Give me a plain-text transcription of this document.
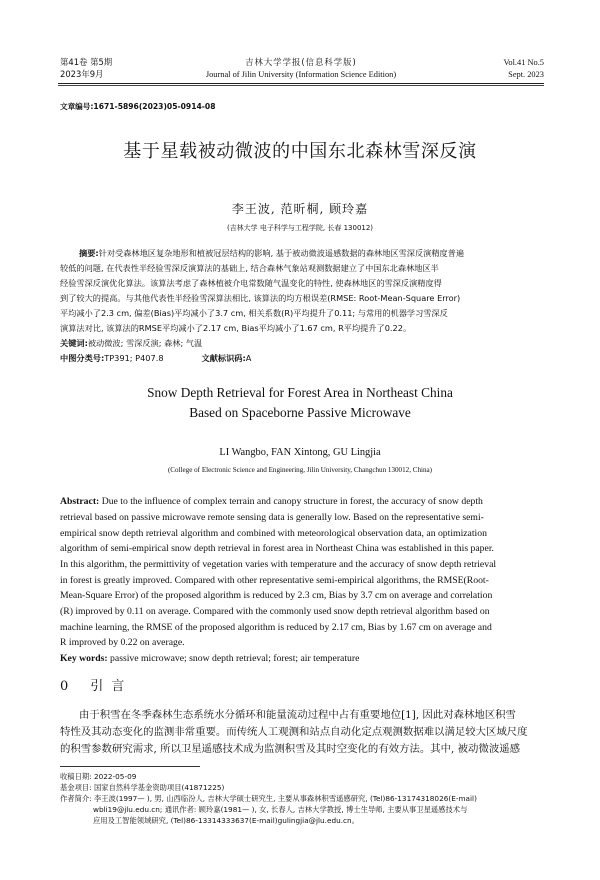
第41卷 第5期
2023年9月
吉林大学学报(信息科学版)
Journal of Jilin University (Information Science Edition)
Vol.41 No.5
Sept. 2023
文章编号:1671-5896(2023)05-0914-08
基于星载被动微波的中国东北森林雪深反演
李王波, 范昕桐, 顾玲嘉
(吉林大学 电子科学与工程学院, 长春 130012)
摘要:针对受森林地区复杂地形和植被冠层结构的影响, 基于被动微波遥感数据的森林地区雪深反演精度普遍
较低的问题, 在代表性半经验雪深反演算法的基础上, 结合森林气象站观测数据建立了中国东北森林地区半
经验雪深反演优化算法。该算法考虑了森林植被介电常数随气温变化的特性, 使森林地区的雪深反演精度得
到了较大的提高。与其他代表性半经验雪深算法相比, 该算法的均方根误差(RMSE: Root-Mean-Square Error)
平均减小了2.3 cm, 偏差(Bias)平均减小了3.7 cm, 相关系数(R)平均提升了0.11; 与常用的机器学习雪深反
演算法对比, 该算法的RMSE平均减小了2.17 cm, Bias平均减小了1.67 cm, R平均提升了0.22。
关键词:被动微波; 雪深反演; 森林; 气温
中图分类号:TP391; P407.8	文献标识码:A
Snow Depth Retrieval for Forest Area in Northeast China
Based on Spaceborne Passive Microwave
LI Wangbo, FAN Xintong, GU Lingjia
(College of Electronic Science and Engineering, Jilin University, Changchun 130012, China)
Abstract: Due to the influence of complex terrain and canopy structure in forest, the accuracy of snow depth
retrieval based on passive microwave remote sensing data is generally low. Based on the representative semi-
empirical snow depth retrieval algorithm and combined with meteorological observation data, an optimization
algorithm of semi-empirical snow depth retrieval in forest area in Northeast China was established in this paper.
In this algorithm, the permittivity of vegetation varies with temperature and the accuracy of snow depth retrieval
in forest is greatly improved. Compared with other representative semi-empirical algorithms, the RMSE(Root-
Mean-Square Error) of the proposed algorithm is reduced by 2.3 cm, Bias by 3.7 cm on average and correlation
(R) improved by 0.11 on average. Compared with the commonly used snow depth retrieval algorithm based on
machine learning, the RMSE of the proposed algorithm is reduced by 2.17 cm, Bias by 1.67 cm on average and
R improved by 0.22 on average.
Key words: passive microwave; snow depth retrieval; forest; air temperature
0 引 言
由于积雪在冬季森林生态系统水分循环和能量流动过程中占有重要地位[1], 因此对森林地区积雪
特性及其动态变化的监测非常重要。而传统人工观测和站点自动化定点观测数据难以满足较大区域尺度
的积雪参数研究需求, 所以卫星遥感技术成为监测积雪及其时空变化的有效方法。其中, 被动微波遥感
收稿日期: 2022-05-09
基金项目: 国家自然科学基金资助项目(41871225)
作者简介: 李王波(1997— ), 男, 山西临汾人, 吉林大学硕士研究生, 主要从事森林积雪遥感研究, (Tel)86-13174318026(E-mail)
wbli19@jlu.edu.cn; 通讯作者: 顾玲嘉(1981— ), 女, 长春人, 吉林大学教授, 博士生导师, 主要从事卫星遥感技术与
应用及工智能领域研究, (Tel)86-13314333637(E-mail)gulingjia@jlu.edu.cn。
